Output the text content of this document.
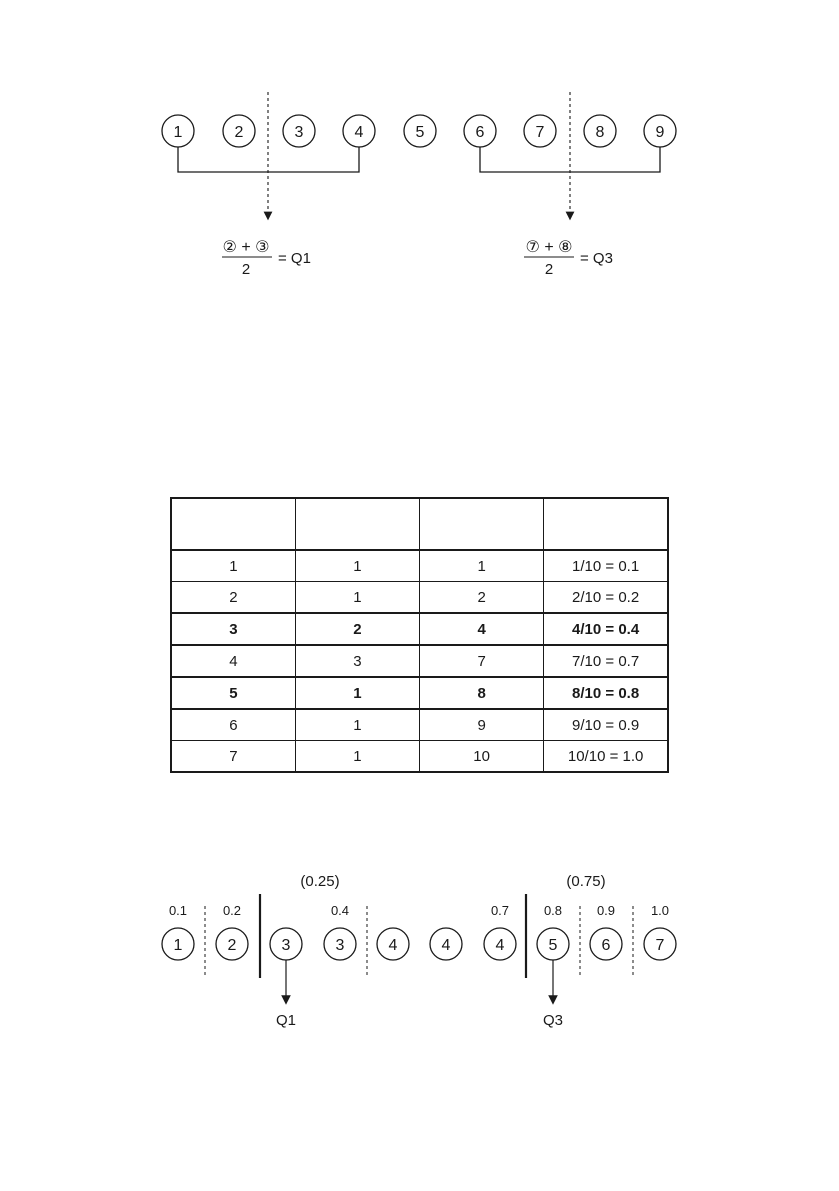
1	2	3	4	5	6	7	8	9
② + ③
2
= Q1
⑦ + ⑧
2
= Q3

1	1	1	1/10 = 0.1
2	1	2	2/10 = 0.2
3	2	4	4/10 = 0.4
4	3	7	7/10 = 0.7
5	1	8	8/10 = 0.8
6	1	9	9/10 = 0.9
7	1	10	10/10 = 1.0
(0.25)	(0.75)
0.1	0.2	0.4	0.7	0.8	0.9	1.0
1	2	3	3	4	4	4	5	6	7
Q1	Q3
